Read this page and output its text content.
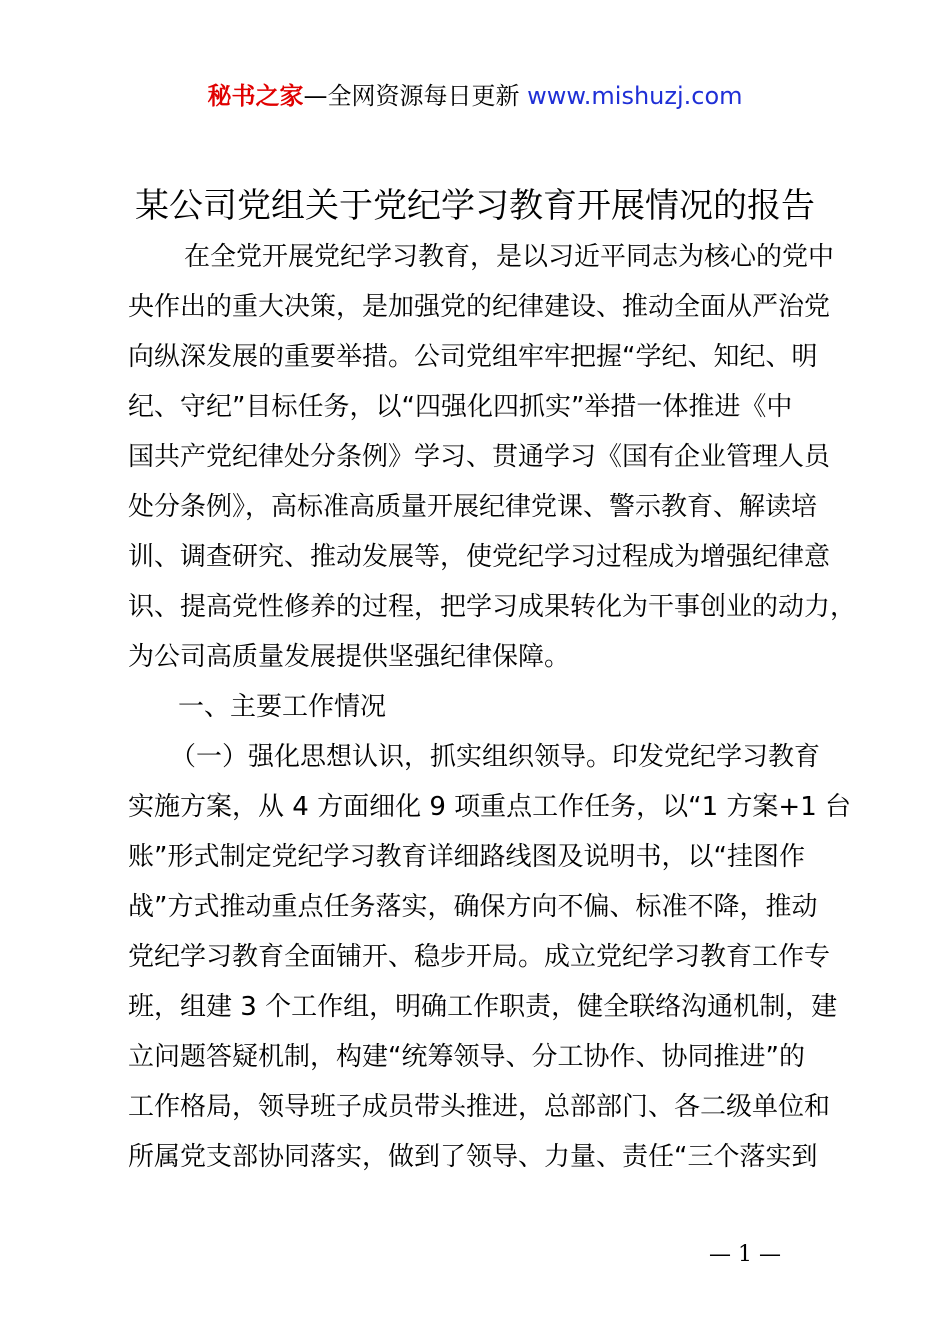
秘书之家—全网资源每日更新 www.mishuzj.com
某公司党组关于党纪学习教育开展情况的报告
在全党开展党纪学习教育，是以习近平同志为核心的党中
央作出的重大决策，是加强党的纪律建设、推动全面从严治党
向纵深发展的重要举措。公司党组牢牢把握“学纪、知纪、明
纪、守纪”目标任务，以“四强化四抓实”举措一体推进《中
国共产党纪律处分条例》学习、贯通学习《国有企业管理人员
处分条例》，高标准高质量开展纪律党课、警示教育、解读培
训、调查研究、推动发展等，使党纪学习过程成为增强纪律意
识、提高党性修养的过程，把学习成果转化为干事创业的动力，
为公司高质量发展提供坚强纪律保障。
一、主要工作情况
（一）强化思想认识，抓实组织领导。印发党纪学习教育
实施方案，从 4 方面细化 9 项重点工作任务，以“1 方案+1 台
账”形式制定党纪学习教育详细路线图及说明书，以“挂图作
战”方式推动重点任务落实，确保方向不偏、标准不降，推动
党纪学习教育全面铺开、稳步开局。成立党纪学习教育工作专
班，组建 3 个工作组，明确工作职责，健全联络沟通机制，建
立问题答疑机制，构建“统筹领导、分工协作、协同推进”的
工作格局，领导班子成员带头推进，总部部门、各二级单位和
所属党支部协同落实，做到了领导、力量、责任“三个落实到
— 1 —
